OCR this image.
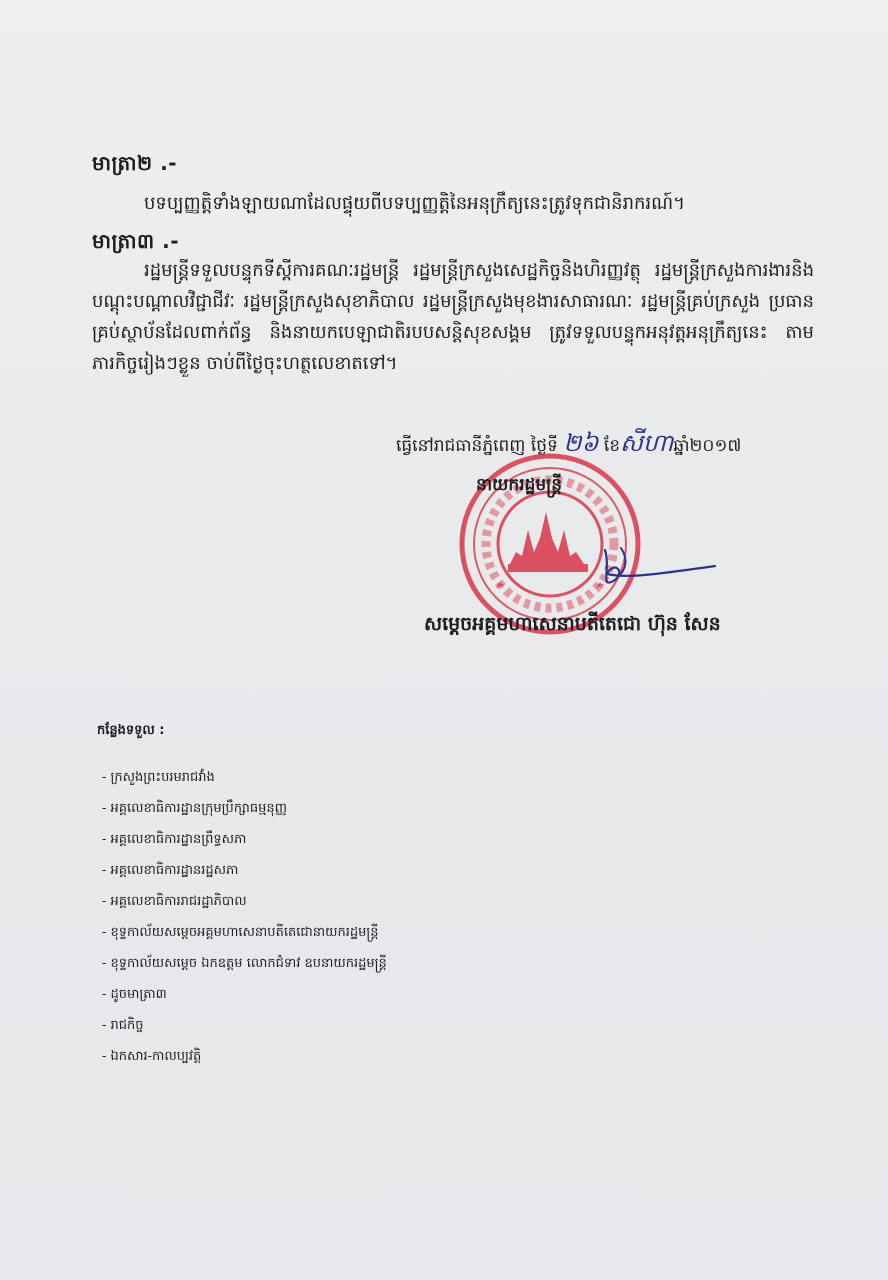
មាត្រា២ .-
បទប្បញ្ញត្តិទាំងឡាយណាដែលផ្ទុយពីបទប្បញ្ញត្តិនៃអនុក្រឹត្យនេះត្រូវទុកជានិរាករណ៍។
មាត្រា៣ .-
រដ្ឋមន្ត្រីទទួលបន្ទុកទីស្តីការគណៈរដ្ឋមន្ត្រី រដ្ឋមន្ត្រីក្រសួងសេដ្ឋកិច្ចនិងហិរញ្ញវត្ថុ រដ្ឋមន្ត្រីក្រសួងការងារនិងបណ្តុះបណ្តាលវិជ្ជាជីវៈ រដ្ឋមន្ត្រីក្រសួងសុខាភិបាល រដ្ឋមន្ត្រីក្រសួងមុខងារសាធារណៈ រដ្ឋមន្ត្រីគ្រប់ក្រសួង ប្រធានគ្រប់ស្ថាប័នដែលពាក់ព័ន្ធ និងនាយកបេឡាជាតិរបបសន្តិសុខសង្គម ត្រូវទទួលបន្ទុកអនុវត្តអនុក្រឹត្យនេះ តាមភារកិច្ចរៀងៗខ្លួន ចាប់ពីថ្ងៃចុះហត្ថលេខាតទៅ។
ធ្វើនៅរាជធានីភ្នំពេញ ថ្ងៃទី ២៦ ខែសីហាឆ្នាំ២០១៧
នាយករដ្ឋមន្ត្រី
សម្តេចអគ្គមហាសេនាបតីតេជោ ហ៊ុន សែន
កន្លែងទទួល :
- ក្រសួងព្រះបរមរាជវាំង
- អគ្គលេខាធិការដ្ឋានក្រុមប្រឹក្សាធម្មនុញ្ញ
- អគ្គលេខាធិការដ្ឋានព្រឹទ្ធសភា
- អគ្គលេខាធិការដ្ឋានរដ្ឋសភា
- អគ្គលេខាធិការរាជរដ្ឋាភិបាល
- ខុទ្ទកាល័យសម្តេចអគ្គមហាសេនាបតីតេជោនាយករដ្ឋមន្ត្រី
- ខុទ្ទកាល័យសម្តេច ឯកឧត្តម លោកជំទាវ ឧបនាយករដ្ឋមន្ត្រី
- ដូចមាត្រា៣
- រាជកិច្ច
- ឯកសារ-កាលប្បវត្តិ
